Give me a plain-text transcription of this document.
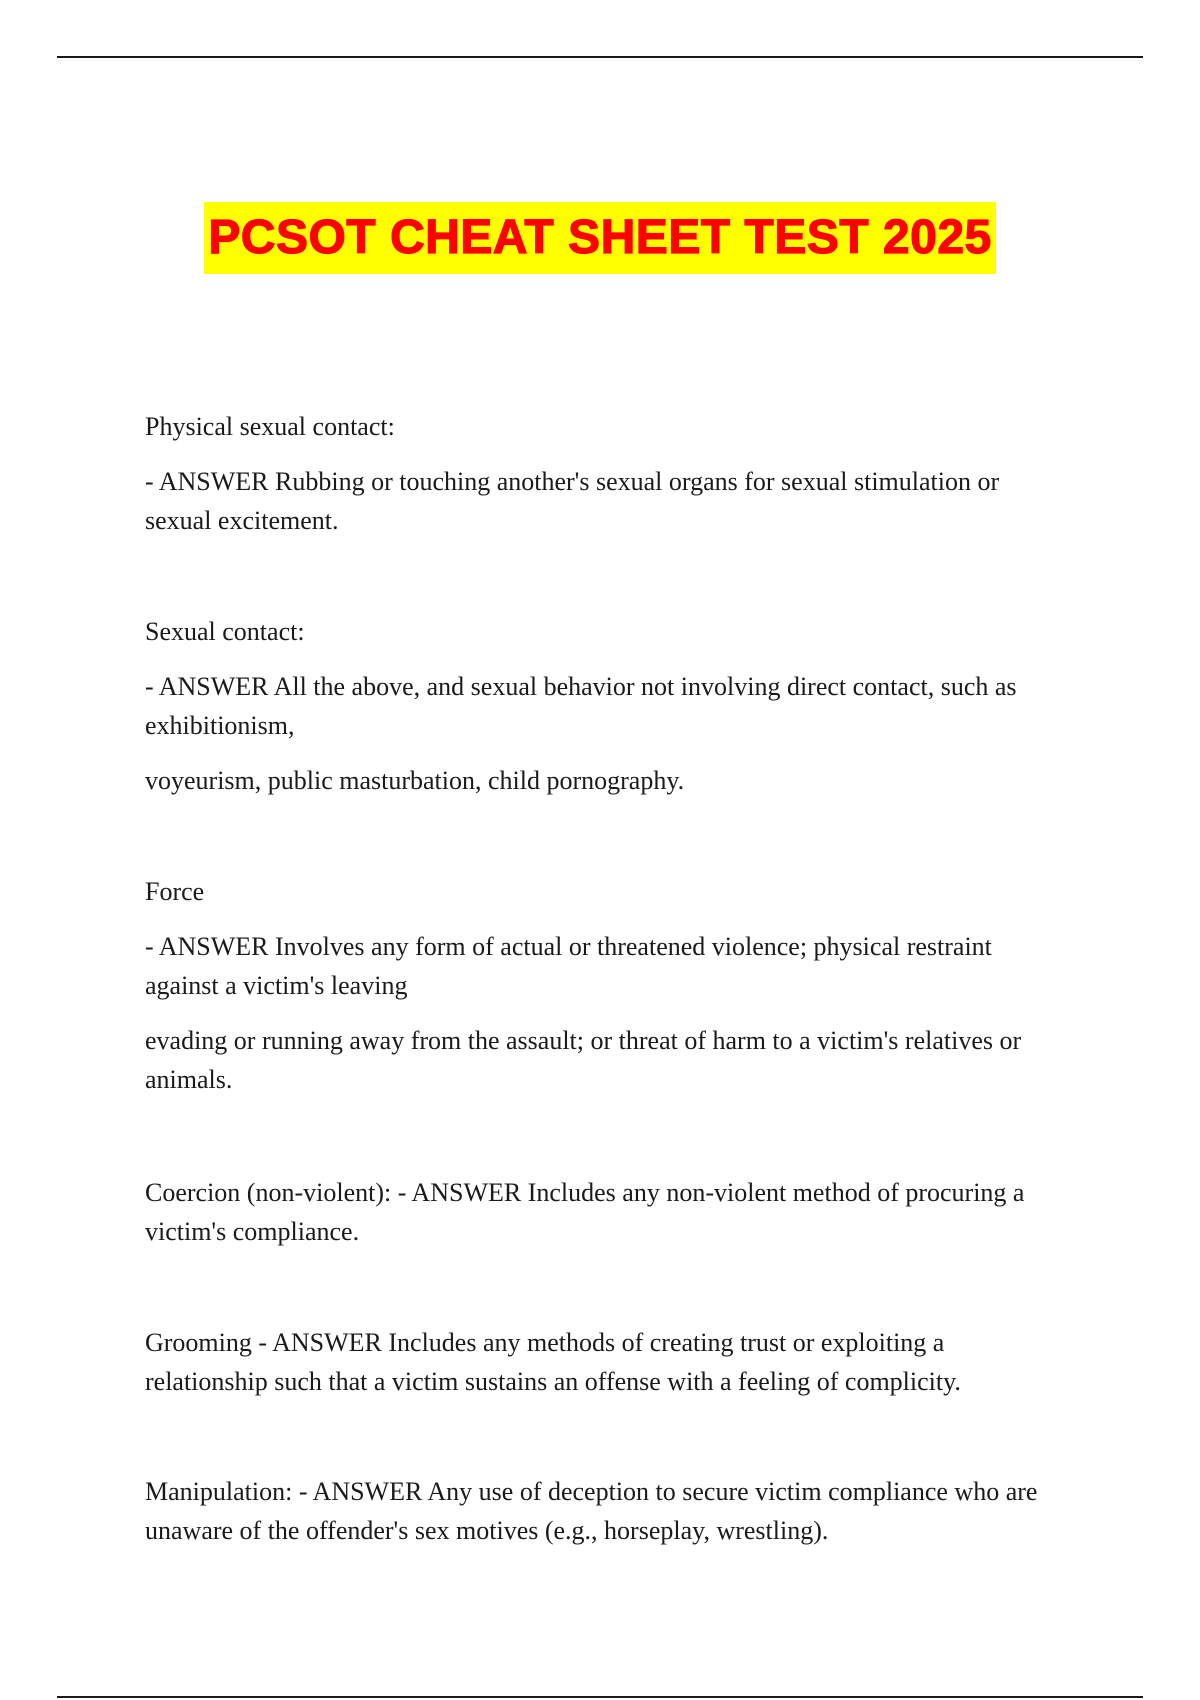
PCSOT CHEAT SHEET TEST 2025

Physical sexual contact:

- ANSWER Rubbing or touching another's sexual organs for sexual stimulation or sexual excitement.

Sexual contact:

- ANSWER All the above, and sexual behavior not involving direct contact, such as exhibitionism,

voyeurism, public masturbation, child pornography.

Force

- ANSWER Involves any form of actual or threatened violence; physical restraint against a victim's leaving

evading or running away from the assault; or threat of harm to a victim's relatives or animals.

Coercion (non-violent): - ANSWER Includes any non-violent method of procuring a victim's compliance.

Grooming - ANSWER Includes any methods of creating trust or exploiting a relationship such that a victim sustains an offense with a feeling of complicity.

Manipulation: - ANSWER Any use of deception to secure victim compliance who are unaware of the offender's sex motives (e.g., horseplay, wrestling).
